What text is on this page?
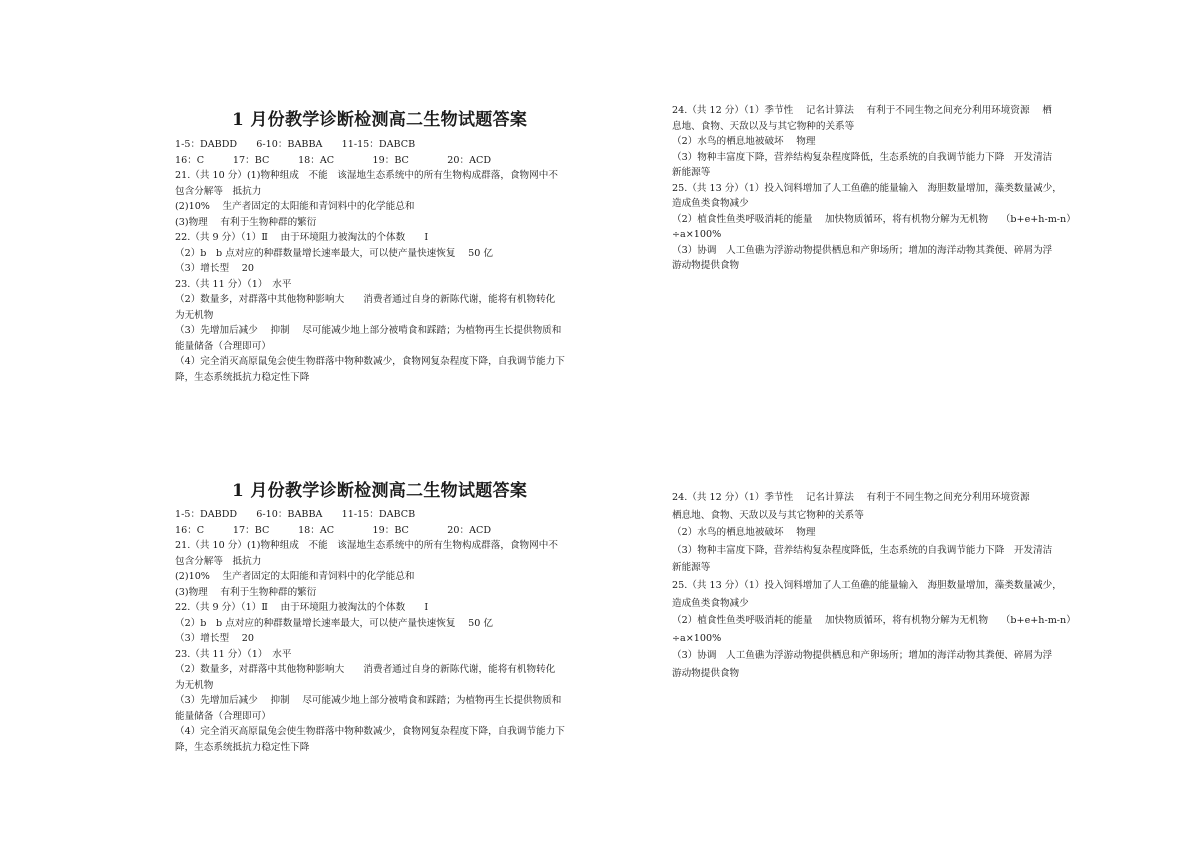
1 月份教学诊断检测高二生物试题答案
1-5：DABDD　　6-10：BABBA　　11-15：DABCB
16：C　　　17：BC　　　18：AC　　　　19：BC　　　　20：ACD
21.（共 10 分）(1)物种组成　不能　该湿地生态系统中的所有生物构成群落，食物网中不
包含分解等　抵抗力
(2)10%　 生产者固定的太阳能和青饲料中的化学能总和
(3)物理　 有利于生物种群的繁衍
22.（共 9 分）（1）Ⅱ　 由于环境阻力被淘汰的个体数　　Ⅰ
（2）b　b 点对应的种群数量增长速率最大，可以使产量快速恢复　 50 亿
（3）增长型　 20
23.（共 11 分）（1）　水平
（2）数量多，对群落中其他物种影响大　　消费者通过自身的新陈代谢，能将有机物转化
为无机物
（3）先增加后减少　 抑制　 尽可能减少地上部分被啃食和踩踏；为植物再生长提供物质和
能量储备（合理即可）
（4）完全消灭高原鼠兔会使生物群落中物种数减少，食物网复杂程度下降，自我调节能力下
降，生态系统抵抗力稳定性下降
24.（共 12 分）（1）季节性　 记名计算法　 有利于不同生物之间充分利用环境资源　 栖
息地、食物、天敌以及与其它物种的关系等
（2）水鸟的栖息地被破坏　 物理
（3）物种丰富度下降，营养结构复杂程度降低，生态系统的自我调节能力下降　开发清洁
新能源等
25.（共 13 分）（1）投入饲料增加了人工鱼礁的能量输入　海胆数量增加，藻类数量减少，
造成鱼类食物减少
（2）植食性鱼类呼吸消耗的能量　 加快物质循环，将有机物分解为无机物　 （b+e+h-m-n）
÷a×100%
（3）协调　人工鱼礁为浮游动物提供栖息和产卵场所；增加的海洋动物其粪便、碎屑为浮
游动物提供食物
1 月份教学诊断检测高二生物试题答案
1-5：DABDD　　6-10：BABBA　　11-15：DABCB
16：C　　　17：BC　　　18：AC　　　　19：BC　　　　20：ACD
21.（共 10 分）(1)物种组成　不能　该湿地生态系统中的所有生物构成群落，食物网中不
包含分解等　抵抗力
(2)10%　 生产者固定的太阳能和青饲料中的化学能总和
(3)物理　 有利于生物种群的繁衍
22.（共 9 分）（1）Ⅱ　 由于环境阻力被淘汰的个体数　　Ⅰ
（2）b　b 点对应的种群数量增长速率最大，可以使产量快速恢复　 50 亿
（3）增长型　 20
23.（共 11 分）（1）　水平
（2）数量多，对群落中其他物种影响大　　消费者通过自身的新陈代谢，能将有机物转化
为无机物
（3）先增加后减少　 抑制　 尽可能减少地上部分被啃食和踩踏；为植物再生长提供物质和
能量储备（合理即可）
（4）完全消灭高原鼠兔会使生物群落中物种数减少，食物网复杂程度下降，自我调节能力下
降，生态系统抵抗力稳定性下降
24.（共 12 分）（1）季节性　 记名计算法　 有利于不同生物之间充分利用环境资源
栖息地、食物、天敌以及与其它物种的关系等
（2）水鸟的栖息地被破坏　 物理
（3）物种丰富度下降，营养结构复杂程度降低，生态系统的自我调节能力下降　开发清洁
新能源等
25.（共 13 分）（1）投入饲料增加了人工鱼礁的能量输入　海胆数量增加，藻类数量减少，
造成鱼类食物减少
（2）植食性鱼类呼吸消耗的能量　 加快物质循环，将有机物分解为无机物　 （b+e+h-m-n）
÷a×100%
（3）协调　人工鱼礁为浮游动物提供栖息和产卵场所；增加的海洋动物其粪便、碎屑为浮
游动物提供食物
